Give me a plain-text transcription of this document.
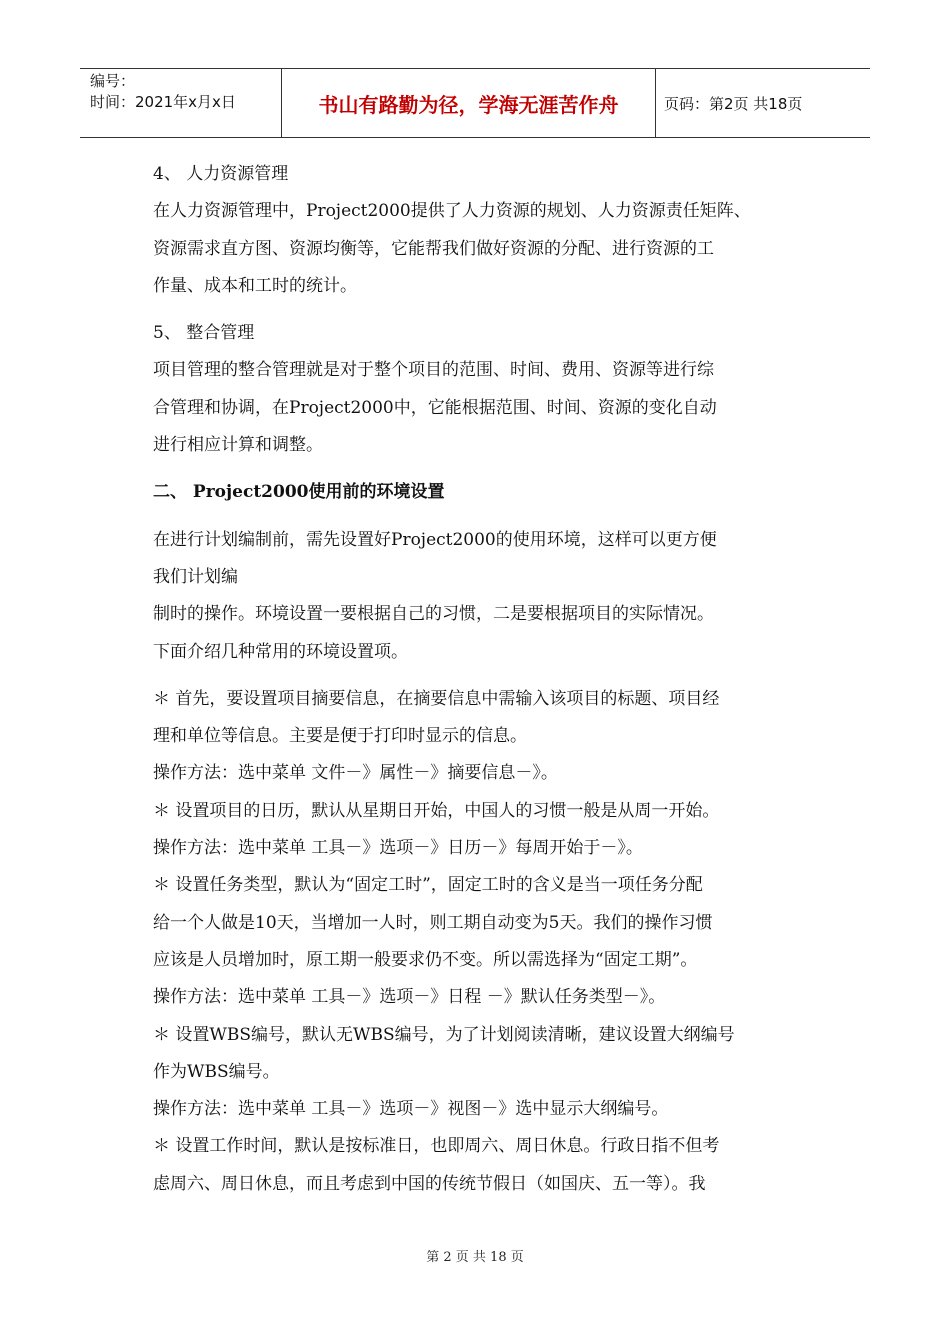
编号：
时间：2021年x月x日	书山有路勤为径，学海无涯苦作舟	页码：第2页 共18页
4、 人力资源管理
在人力资源管理中，Project2000提供了人力资源的规划、人力资源责任矩阵、
资源需求直方图、资源均衡等，它能帮我们做好资源的分配、进行资源的工
作量、成本和工时的统计。
5、 整合管理
项目管理的整合管理就是对于整个项目的范围、时间、费用、资源等进行综
合管理和协调，在Project2000中，它能根据范围、时间、资源的变化自动
进行相应计算和调整。
二、 Project2000使用前的环境设置
在进行计划编制前，需先设置好Project2000的使用环境，这样可以更方便
我们计划编
制时的操作。环境设置一要根据自己的习惯，二是要根据项目的实际情况。
下面介绍几种常用的环境设置项。
＊ 首先，要设置项目摘要信息，在摘要信息中需输入该项目的标题、项目经
理和单位等信息。主要是便于打印时显示的信息。
操作方法：选中菜单 文件－》属性－》摘要信息－》。
＊ 设置项目的日历，默认从星期日开始，中国人的习惯一般是从周一开始。
操作方法：选中菜单 工具－》选项－》日历－》每周开始于－》。
＊ 设置任务类型，默认为“固定工时”，固定工时的含义是当一项任务分配
给一个人做是10天，当增加一人时，则工期自动变为5天。我们的操作习惯
应该是人员增加时，原工期一般要求仍不变。所以需选择为“固定工期”。
操作方法：选中菜单 工具－》选项－》日程 －》默认任务类型－》。
＊ 设置WBS编号，默认无WBS编号，为了计划阅读清晰，建议设置大纲编号
作为WBS编号。
操作方法：选中菜单 工具－》选项－》视图－》选中显示大纲编号。
＊ 设置工作时间，默认是按标准日，也即周六、周日休息。行政日指不但考
虑周六、周日休息，而且考虑到中国的传统节假日（如国庆、五一等）。我
第 2 页 共 18 页
